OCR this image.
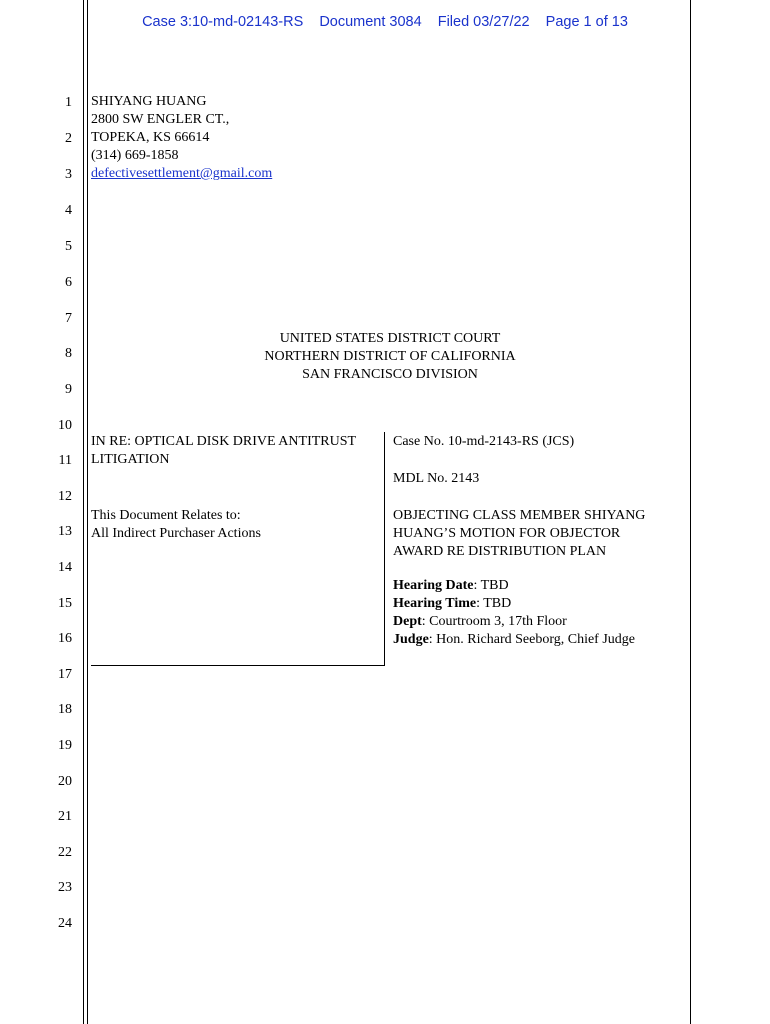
Case 3:10-md-02143-RS Document 3084 Filed 03/27/22 Page 1 of 13
1
2
3
4
5
6
7
8
9
10
11
12
13
14
15
16
17
18
19
20
21
22
23
24
SHIYANG HUANG
2800 SW ENGLER CT.,
TOPEKA, KS 66614
(314) 669-1858
defectivesettlement@gmail.com
UNITED STATES DISTRICT COURT
NORTHERN DISTRICT OF CALIFORNIA
SAN FRANCISCO DIVISION
IN RE: OPTICAL DISK DRIVE ANTITRUST
LITIGATION
This Document Relates to:
All Indirect Purchaser Actions
Case No. 10-md-2143-RS (JCS)
MDL No. 2143
OBJECTING CLASS MEMBER SHIYANG
HUANG’S MOTION FOR OBJECTOR
AWARD RE DISTRIBUTION PLAN
Hearing Date: TBD
Hearing Time: TBD
Dept: Courtroom 3, 17th Floor
Judge: Hon. Richard Seeborg, Chief Judge
